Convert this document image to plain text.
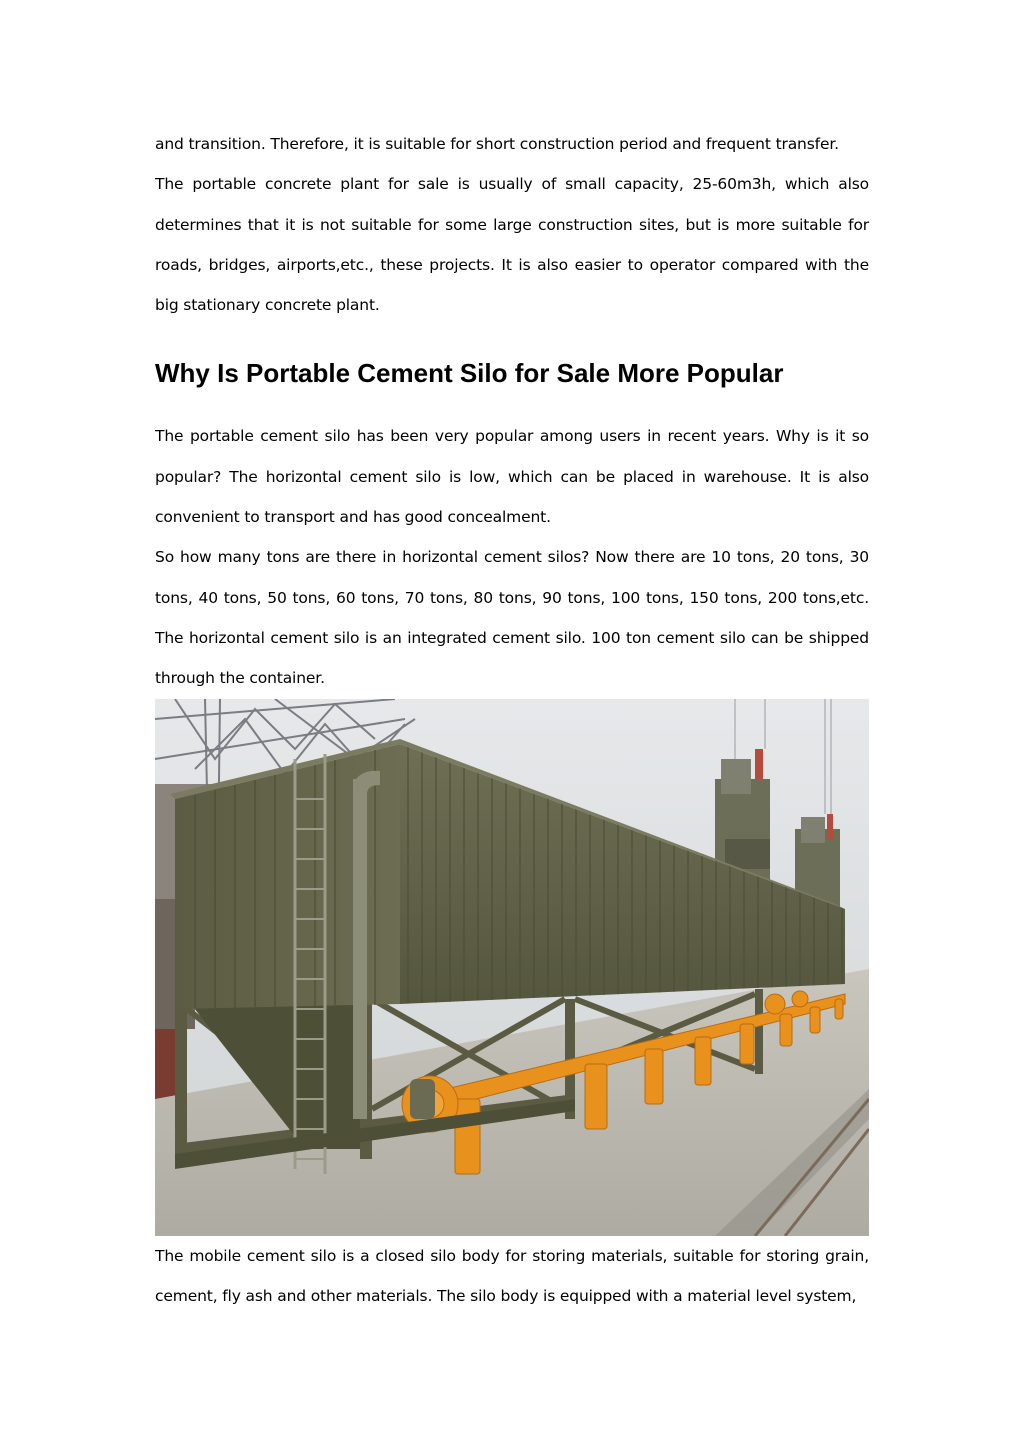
and transition. Therefore, it is suitable for short construction period and frequent transfer.

The portable concrete plant for sale is usually of small capacity, 25-60m3h, which also determines that it is not suitable for some large construction sites, but is more suitable for roads, bridges, airports,etc., these projects. It is also easier to operator compared with the big stationary concrete plant.

Why Is Portable Cement Silo for Sale More Popular

The portable cement silo has been very popular among users in recent years. Why is it so popular? The horizontal cement silo is low, which can be placed in warehouse. It is also convenient to transport and has good concealment.

So how many tons are there in horizontal cement silos? Now there are 10 tons, 20 tons, 30 tons, 40 tons, 50 tons, 60 tons, 70 tons, 80 tons, 90 tons, 100 tons, 150 tons, 200 tons,etc. The horizontal cement silo is an integrated cement silo. 100 ton cement silo can be shipped through the container.

The mobile cement silo is a closed silo body for storing materials, suitable for storing grain, cement, fly ash and other materials. The silo body is equipped with a material level system,
